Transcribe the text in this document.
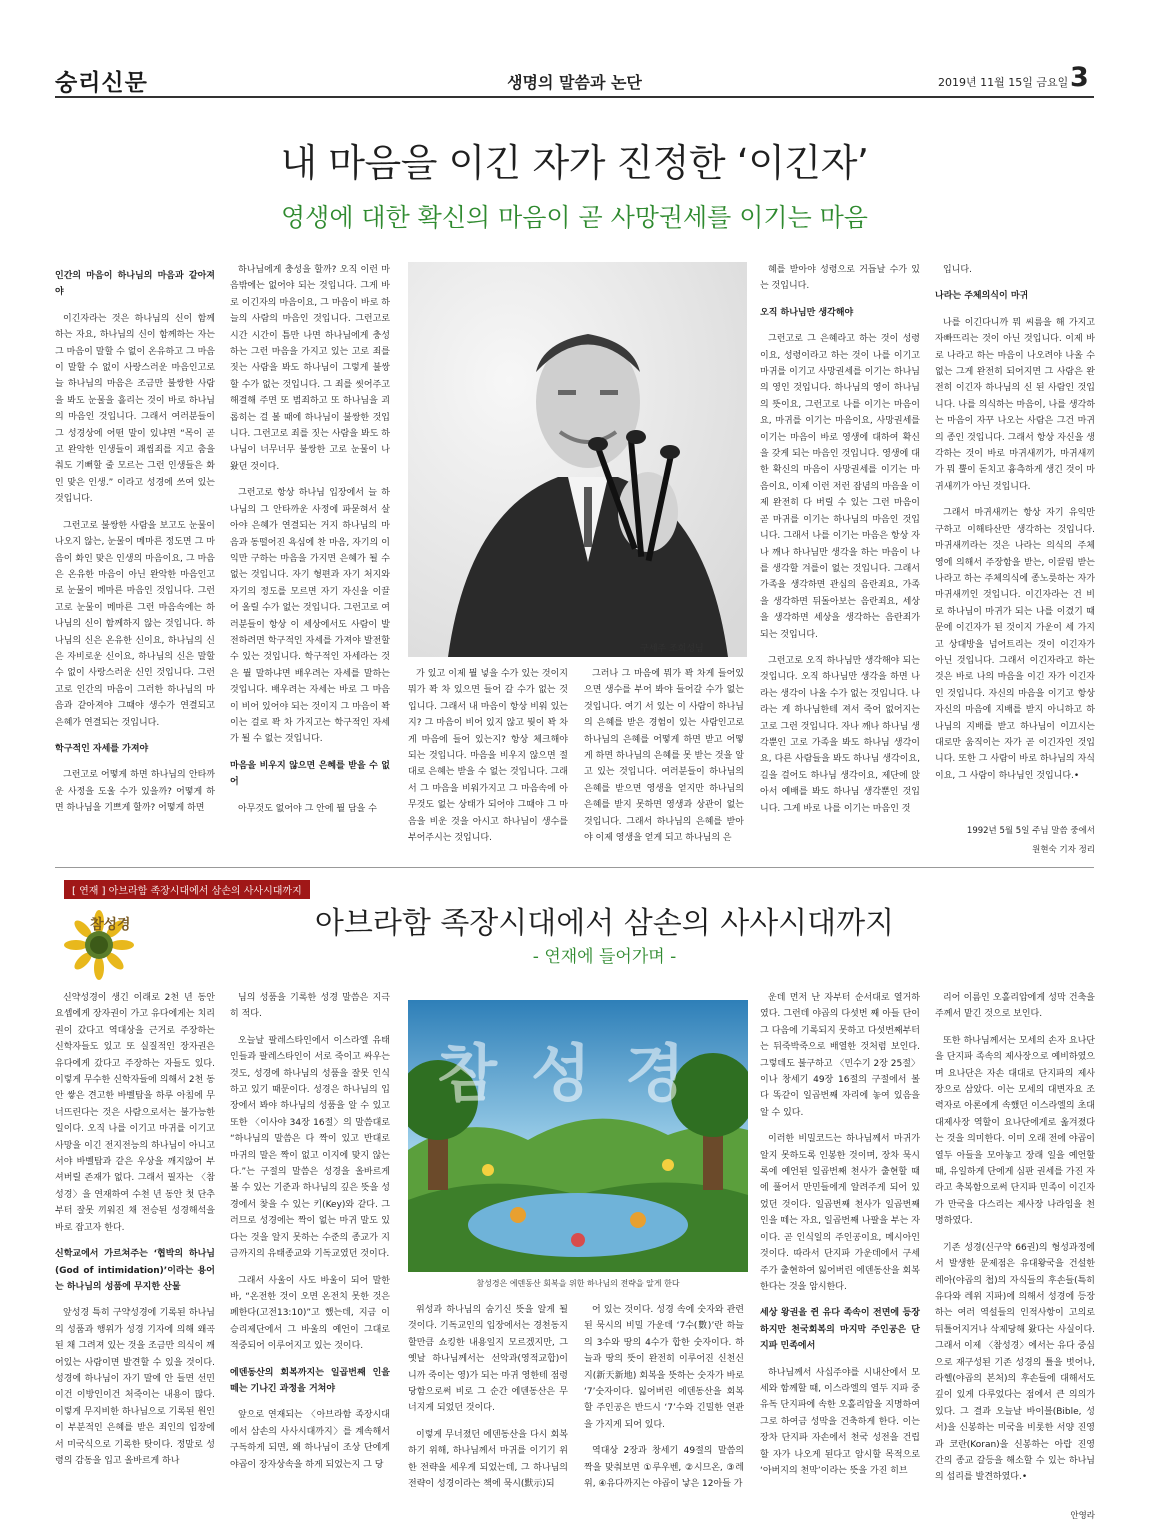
숭리신문	생명의 말씀과 논단	2019년 11월 15일 금요일 3
내 마음을 이긴 자가 진정한 ‘이긴자’
영생에 대한 확신의 마음이 곧 사망권세를 이기는 마음

인간의 마음이 하나님의 마음과 같아져야

이긴자라는 것은 하나님의 신이 함께 하는 자요, 하나님의 신이 함께하는 자는 그 마음이 말할 수 없이 온유하고 그 마음이 말할 수 없이 사랑스러운 마음인고로 늘 하나님의 마음은 조금만 불쌍한 사람을 봐도 눈물을 흘리는 것이 바로 하나님의 마음인 것입니다. 그래서 여러분들이 그 성경상에 어떤 말이 있냐면 “목이 곧고 완악한 인생들이 괘씸죄를 지고 춤을 춰도 기뻐할 줄 모르는 그런 인생들은 화인 맞은 인생.” 이라고 성경에 쓰여 있는 것입니다.

그런고로 불쌍한 사람을 보고도 눈물이 나오지 않는, 눈물이 메마른 정도면 그 마음이 화인 맞은 인생의 마음이요, 그 마음은 온유한 마음이 아닌 완악한 마음인고로 눈물이 메마른 마음인 것입니다. 그런고로 눈물이 메마른 그런 마음속에는 하나님의 신이 함께하지 않는 것입니다. 하나님의 신은 온유한 신이요, 하나님의 신은 자비로운 신이요, 하나님의 신은 말할 수 없이 사랑스러운 신인 것입니다. 그런고로 인간의 마음이 그러한 하나님의 마음과 같아져야 그때야 생수가 연결되고 은혜가 연결되는 것입니다.

학구적인 자세를 가져야

그런고로 어떻게 하면 하나님의 안타까운 사정을 도울 수가 있을까? 어떻게 하면 하나님을 기쁘게 할까? 어떻게 하면

하나님에게 충성을 할까? 오직 이런 마음밖에는 없어야 되는 것입니다. 그게 바로 이긴자의 마음이요, 그 마음이 바로 하늘의 사람의 마음인 것입니다. 그런고로 시간 시간이 틈만 나면 하나님에게 충성하는 그런 마음을 가지고 있는 고로 죄를 짓는 사람을 봐도 하나님이 그렇게 불쌍할 수가 없는 것입니다. 그 죄를 씻어주고 해결해 주면 또 범죄하고 또 하나님을 괴롭히는 걸 볼 때에 하나님이 불쌍한 것입니다. 그런고로 죄를 짓는 사람을 봐도 하나님이 너무너무 불쌍한 고로 눈물이 나왔던 것이다.

그런고로 항상 하나님 입장에서 늘 하나님의 그 안타까운 사정에 파묻혀서 살아야 은혜가 연결되는 거지 하나님의 마음과 동떨어진 욕심에 찬 마음, 자기의 이익만 구하는 마음을 가지면 은혜가 될 수 없는 것입니다. 자기 형편과 자기 처지와 자기의 정도를 모르면 자기 자신을 이끌어 올릴 수가 없는 것입니다. 그런고로 여러분들이 항상 이 세상에서도 사람이 발전하려면 학구적인 자세를 가져야 발전할 수 있는 것입니다. 학구적인 자세라는 것은 뭘 말하냐면 배우려는 자세를 말하는 것입니다. 배우려는 자세는 바로 그 마음이 비어 있어야 되는 것이지 그 마음이 꽉 이는 걸로 꽉 차 가지고는 학구적인 자세가 될 수 없는 것입니다.

마음을 비우지 않으면 은혜를 받을 수 없어

아무것도 없어야 그 안에 뭘 담을 수

구세주 조희성님

가 있고 이제 뭘 넣을 수가 있는 것이지 뭐가 꽉 차 있으면 들어 갈 수가 없는 것입니다. 그래서 내 마음이 항상 비워 있는지? 그 마음이 비어 있지 않고 뭣이 꽉 차게 마음에 들어 있는지? 항상 체크해야 되는 것입니다. 마음을 비우지 않으면 절대로 은혜는 받을 수 없는 것입니다. 그래서 그 마음을 비워가지고 그 마음속에 아무것도 없는 상태가 되어야 그때야 그 마음을 비운 것을 아시고 하나님이 생수를 부어주시는 것입니다.

그러나 그 마음에 뭐가 꽉 차게 들어있으면 생수를 부어 봐야 들어갈 수가 없는 것입니다. 여기 서 있는 이 사람이 하나님의 은혜를 받은 경험이 있는 사람인고로 하나님의 은혜를 어떻게 하면 받고 어떻게 하면 하나님의 은혜를 못 받는 것을 알고 있는 것입니다. 여러분들이 하나님의 은혜를 받으면 영생을 얻지만 하나님의 은혜를 받지 못하면 영생과 상관이 없는 것입니다. 그래서 하나님의 은혜를 받아야 이제 영생을 얻게 되고 하나님의 은

혜를 받아야 성령으로 거듭날 수가 있는 것입니다.

오직 하나님만 생각해야

그런고로 그 은혜라고 하는 것이 성령이요, 성령이라고 하는 것이 나를 이기고 마귀를 이기고 사망권세를 이기는 하나님의 영인 것입니다. 하나님의 영이 하나님의 뜻이요, 그런고로 나를 이기는 마음이요, 마귀를 이기는 마음이요, 사망권세를 이기는 마음이 바로 영생에 대하여 확신을 갖게 되는 마음인 것입니다. 영생에 대한 확신의 마음이 사망권세를 이기는 마음이요, 이제 이런 저런 잡념의 마음을 이제 완전히 다 버릴 수 있는 그런 마음이 곧 마귀를 이기는 하나님의 마음인 것입니다. 그래서 나를 이기는 마음은 항상 자나 깨나 하나님만 생각을 하는 마음이 나를 생각할 겨를이 없는 것입니다. 그래서 가족을 생각하면 관심의 음란죄요, 가족을 생각하면 뒤돌아보는 음란죄요, 세상을 생각하면 세상을 생각하는 음란죄가 되는 것입니다.

그런고로 오직 하나님만 생각해야 되는 것입니다. 오직 하나님만 생각을 하면 나라는 생각이 나올 수가 없는 것입니다. 나라는 게 하나님한테 져서 죽어 없어지는 고로 그런 것입니다. 자나 깨나 하나님 생각뿐인 고로 가족을 봐도 하나님 생각이요, 다른 사람들을 봐도 하나님 생각이요, 길을 걸어도 하나님 생각이요, 제단에 앉아서 예배를 봐도 하나님 생각뿐인 것입니다. 그게 바로 나를 이기는 마음인 것

입니다.

나라는 주체의식이 마귀

나를 이긴다니까 뭐 씨름을 해 가지고 자빠뜨리는 것이 아닌 것입니다. 이제 바로 나라고 하는 마음이 나오려야 나올 수 없는 그게 완전히 되어지면 그 사람은 완전히 이긴자 하나님의 신 된 사람인 것입니다. 나를 의식하는 마음이, 나를 생각하는 마음이 자꾸 나오는 사람은 그건 마귀의 종인 것입니다. 그래서 항상 자신을 생각하는 것이 바로 마귀새끼가, 마귀새끼가 뭐 뿔이 돋치고 흉측하게 생긴 것이 마귀새끼가 아닌 것입니다.

그래서 마귀새끼는 항상 자기 유익만 구하고 이해타산만 생각하는 것입니다. 마귀새끼라는 것은 나라는 의식의 주체 영에 의해서 주장함을 받는, 이끌림 받는 나라고 하는 주체의식에 종노릇하는 자가 마귀새끼인 것입니다. 이긴자라는 건 비로 하나님이 마귀가 되는 나를 이겼기 때문에 이긴자가 된 것이지 가운이 세 가지고 상대방을 넘어트리는 것이 이긴자가 아닌 것입니다. 그래서 이긴자라고 하는 것은 바로 나의 마음을 이긴 자가 이긴자인 것입니다. 자신의 마음을 이기고 항상 자신의 마음에 지배를 받지 아니하고 하나님의 지배를 받고 하나님이 이끄시는 대로만 움직이는 자가 곧 이긴자인 것입니다. 또한 그 사람이 바로 하나님의 자식이요, 그 사람이 하나님인 것입니다.•

1992년 5월 5일 주님 말씀 중에서
원현숙 기자 정리
[ 연재 ] 아브라함 족장시대에서 삼손의 사사시대까지
참성경	아브라함 족장시대에서 삼손의 사사시대까지
- 연재에 들어가며 -

신약성경이 생긴 이래로 2천 년 동안 요셉에게 장자권이 가고 유다에게는 치리권이 갔다고 역대상을 근거로 주장하는 신학자들도 있고 또 실질적인 장자권은 유다에게 갔다고 주장하는 자들도 있다. 이렇게 무수한 신학자들에 의해서 2천 동안 쌓은 견고한 바벨탑을 하루 아침에 무너뜨린다는 것은 사람으로서는 불가능한 일이다. 오직 나를 이기고 마귀를 이기고 사망을 이긴 전지전능의 하나님이 아니고서야 바벨탑과 같은 우상을 깨지않어 부셔버릴 존재가 없다. 그래서 필자는 〈참성경〉을 연재하여 수천 년 동안 첫 단추부터 잘못 끼워진 채 전승된 성경해석을 바로 잡고자 한다.

신학교에서 가르쳐주는 ‘협박의 하나님(God of intimidation)’이라는 용어는 하나님의 성품에 무지한 산물

앞성경 특히 구약성경에 기록된 하나님의 성품과 행위가 성경 기자에 의해 왜곡된 채 그려져 있는 것을 조금만 의식이 깨어있는 사람이면 발견할 수 있을 것이다. 성경에 하나님이 자기 말에 안 들면 선민이건 이방인이건 처죽이는 내용이 많다. 이렇게 무지비한 하나님으로 기록된 원인이 부분적인 은혜를 받은 죄인의 입장에서 미국식으로 기록한 탓이다. 정말로 성령의 감동을 입고 올바르게 하나

님의 성품을 기록한 성경 말씀은 지극히 적다.

오늘날 팔레스타인에서 이스라엘 유태인들과 팔레스타인이 서로 죽이고 싸우는 것도, 성경에 하나님의 성품을 잘못 인식하고 있기 때문이다. 성경은 하나님의 입장에서 봐야 하나님의 성품을 알 수 있고 또한 〈이사야 34장 16절〉의 말씀대로 “하나님의 말씀은 다 짝이 있고 반대로 마귀의 말은 짝이 없고 이지에 맞지 않는다.”는 구절의 말씀은 성경을 올바르게 볼 수 있는 기준과 하나님의 깊은 뜻을 성경에서 찾을 수 있는 키(Key)와 같다. 그러므로 성경에는 짝이 없는 마귀 말도 있다는 것을 알지 못하는 수준의 종교가 지금까지의 유태종교와 기독교였던 것이다.

그래서 사울이 사도 바울이 되어 말한 바, “온전한 것이 오면 온전치 못한 것은 폐한다(고전13:10)”고 했는데, 지금 이 승리제단에서 그 바울의 예언이 그대로 적중되어 이루어지고 있는 것이다.

에덴동산의 회복까지는 일곱번째 인을 떼는 기나긴 과정을 거쳐야

앞으로 연재되는 〈아브라함 족장시대에서 삼손의 사사시대까지〉를 계속해서 구독하게 되면, 왜 하나님이 조상 단에게 야곱이 장자상속을 하게 되었는지 그 당

참성경
참성경은 에덴동산 회복을 위한 하나님의 전략을 알게 한다

위성과 하나님의 숨기신 뜻을 알게 될 것이다. 기독교인의 입장에서는 경천동지 할만큼 쇼킹한 내용일지 모르겠지만, 그 옛날 하나님께서는 선악과(영적교합)이 니까 죽이는 영)가 되는 마귀 영한테 점령당함으로써 비로 그 순간 에덴동산은 무너지게 되었던 것이다.

이렇게 무너졌던 에덴동산을 다시 회복하기 위해, 하나님께서 마귀를 이기기 위한 전략을 세우게 되었는데, 그 하나님의 전략이 성경이라는 책에 묵시(默示)되

어 있는 것이다. 성경 속에 숫자와 관련된 묵시의 비밀 가운데 ‘7수(數)’란 하늘의 3수와 땅의 4수가 합한 숫자이다. 하늘과 땅의 뜻이 완전히 이루어진 신천신지(新天新地) 회복을 뜻하는 숫자가 바로 ‘7’숫자이다. 잃어버린 에덴동산을 회복할 주인공은 반드시 ‘7’수와 긴밀한 연관을 가지게 되어 있다.

역대상 2장과 창세기 49절의 말씀의 짝을 맞춰보면 ①루우벤, ②시므온, ③레위, ④유다까지는 야곱이 낳은 12아들 가

운데 먼저 난 자부터 순서대로 열거하였다. 그런데 야곱의 다섯번 째 아들 단이 그 다음에 기록되지 못하고 다섯번째부터는 뒤죽박죽으로 배열한 것처럼 보인다. 그렇데도 불구하고 〈민수기 2장 25절〉이나 창세기 49장 16절의 구절에서 볼 다 똑같이 일곱번째 자리에 놓여 있음을 알 수 있다.

이러한 비밀코드는 하나님께서 마귀가 알지 못하도록 인봉한 것이며, 장차 묵시록에 예언된 일곱번째 천사가 출현할 때에 풀어서 만민들에게 알려주게 되어 있었던 것이다. 일곱번째 천사가 일곱번째 인을 떼는 자요, 일곱번째 나팔을 부는 자이다. 곧 인식일의 주인공이요, 메시아인 것이다. 따라서 단지파 가운데에서 구세주가 출현하여 잃어버린 에덴동산을 회복한다는 것을 암시한다.

세상 왕권을 쥔 유다 족속이 전면에 등장하지만 천국회복의 마지막 주인공은 단지파 민족에서

하나님께서 사십주야를 시내산에서 모세와 함께할 때, 이스라엘의 열두 지파 중 유독 단지파에 속한 오홀리압을 지명하여 그로 하여금 성막을 건축하게 한다. 이는 장차 단지파 자손에서 천국 성전을 건립할 자가 나오게 된다고 암시할 목적으로 ‘아버지의 천막’이라는 뜻을 가진 히브

리어 이름인 오홀리압에게 성막 건축을 주께서 맡긴 것으로 보인다.

또한 하나님께서는 모세의 손자 요나단을 단지파 족속의 제사장으로 예비하였으며 요나단은 자손 대대로 단지파의 제사장으로 삼았다. 이는 모세의 대변자요 조력자로 아론에게 속했던 이스라엘의 초대 대제사장 역할이 요나단에게로 옮겨졌다는 것을 의미한다. 이미 오래 전에 야곱이 열두 아들을 모아놓고 장래 일을 예언할 때, 유일하게 단에게 심판 권세를 가진 자라고 축복함으로써 단지파 민족이 이긴자가 만국을 다스리는 제사장 나라임을 천명하였다.

기존 성경(신구약 66권)의 형성과정에서 발생한 문제점은 유대왕국을 건설한 레아(야곱의 첩)의 자식들의 후손들(특히 유다와 레위 지파)에 의해서 성경에 등장하는 여러 역설들의 인적사항이 고의로 뒤틀어지거나 삭제당해 왔다는 사실이다. 그래서 이제 〈참성경〉에서는 유다 중심으로 재구성된 기존 성경의 틀을 벗어나, 라헬(야곱의 본처)의 후손들에 대해서도 깊이 있게 다루었다는 점에서 큰 의의가 있다. 그 결과 오늘날 바이블(Bible, 성서)을 신봉하는 미국을 비롯한 서양 진영과 코란(Koran)을 신봉하는 아랍 진영 간의 종교 갈등을 해소할 수 있는 하나님의 섭리를 발견하였다.•

안영라
